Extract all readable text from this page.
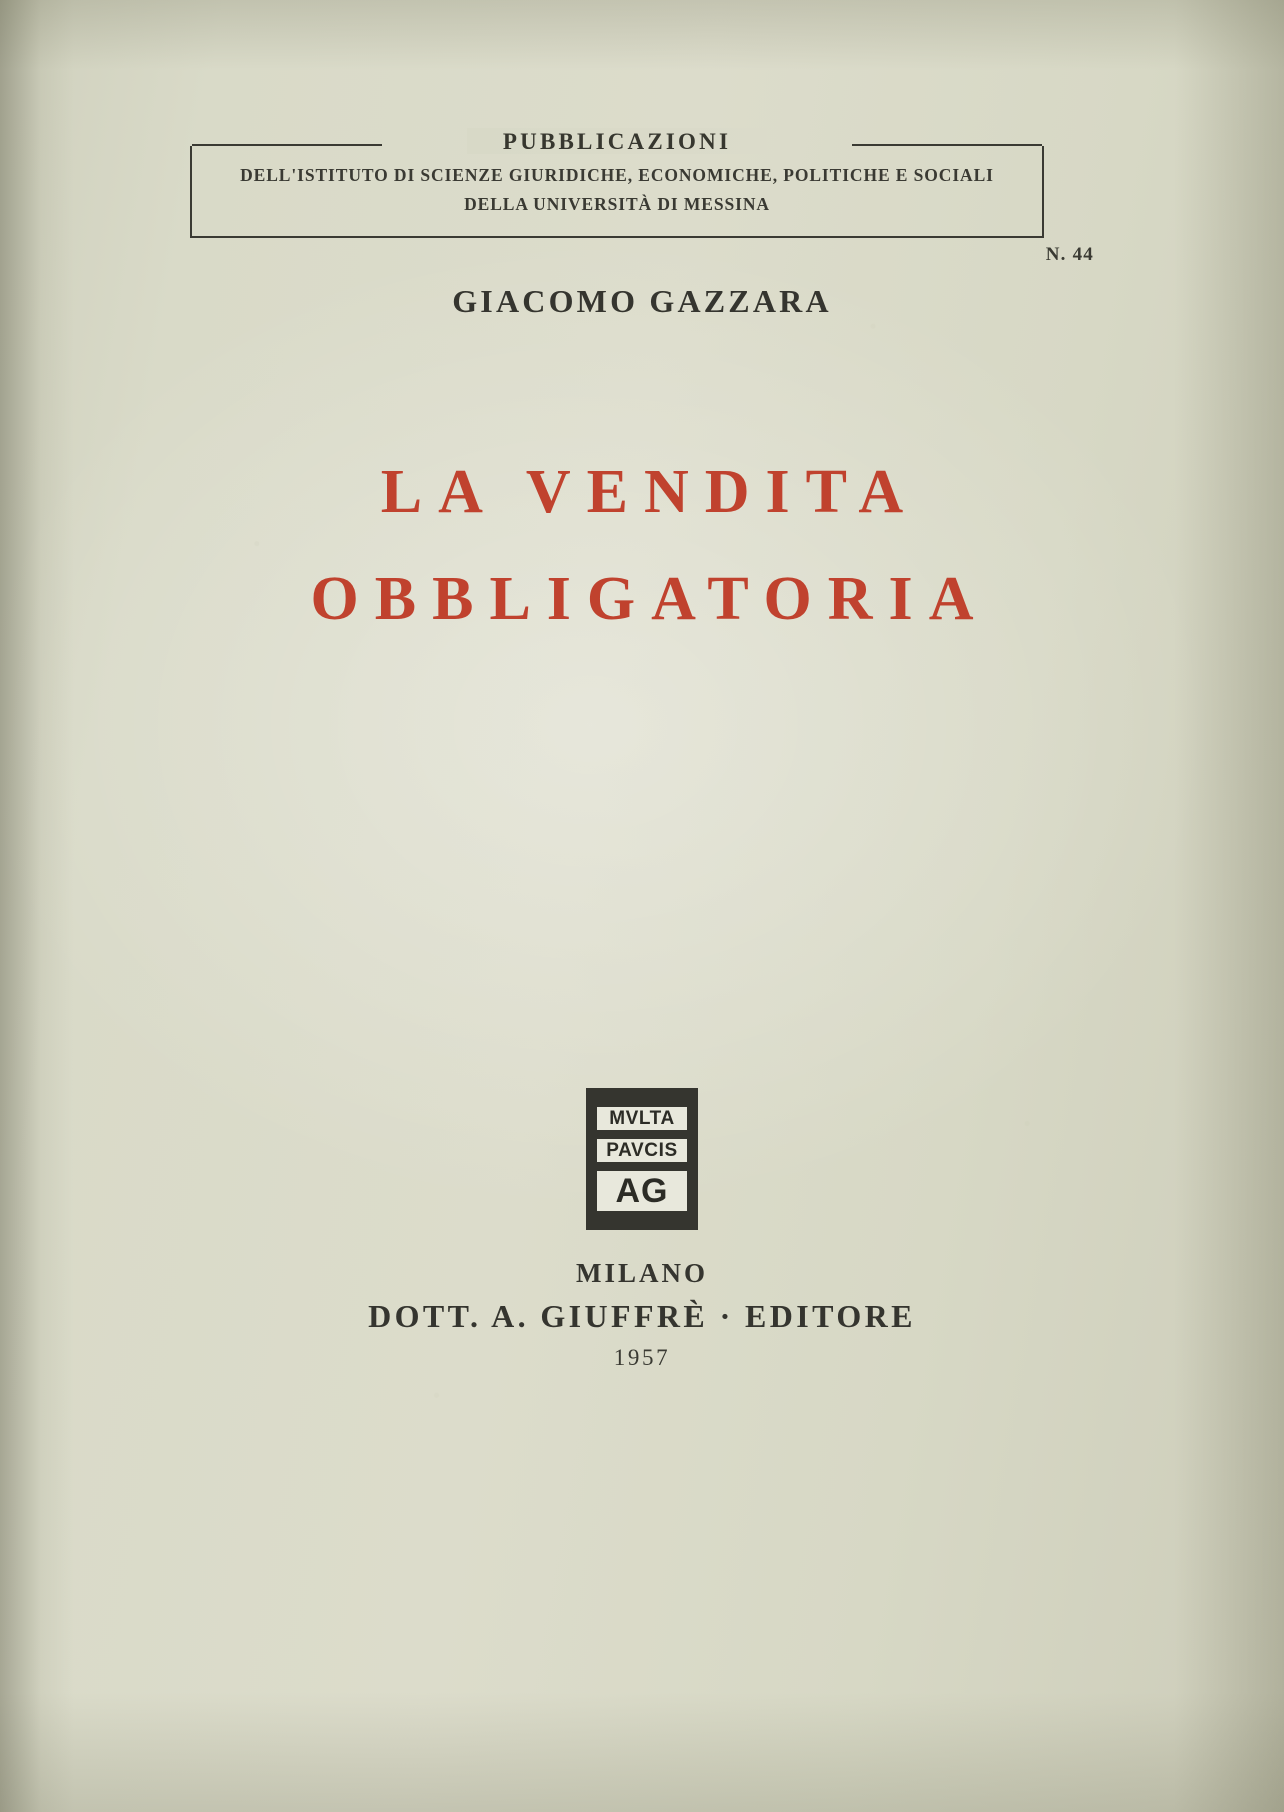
PUBBLICAZIONI
DELL'ISTITUTO DI SCIENZE GIURIDICHE, ECONOMICHE, POLITICHE E SOCIALI
DELLA UNIVERSITÀ DI MESSINA
N. 44
GIACOMO GAZZARA
LA VENDITA
OBBLIGATORIA
MVLTA
PAVCIS
AG
MILANO
DOTT. A. GIUFFRÈ · EDITORE
1957
